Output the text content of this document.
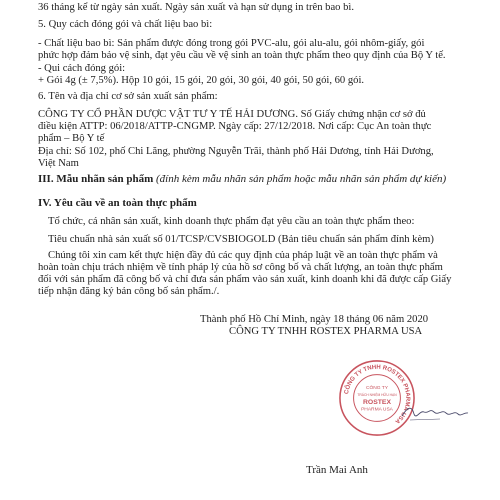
36 tháng kể từ ngày sản xuất. Ngày sản xuất và hạn sử dụng in trên bao bì.
5. Quy cách đóng gói và chất liệu bao bì:
- Chất liệu bao bì: Sản phẩm được đóng trong gói PVC-alu, gói alu-alu, gói nhôm-giấy, gói
phức hợp đảm bảo vệ sinh, đạt yêu cầu về vệ sinh an toàn thực phẩm theo quy định của Bộ Y tế.
- Qui cách đóng gói:
+ Gói 4g (± 7,5%). Hộp 10 gói, 15 gói, 20 gói, 30 gói, 40 gói, 50 gói, 60 gói.
6. Tên và địa chỉ cơ sở sản xuất sản phẩm:
CÔNG TY CỔ PHẦN DƯỢC VẬT TƯ Y TẾ HẢI DƯƠNG. Số Giấy chứng nhận cơ sở đủ
điều kiện ATTP: 06/2018/ATTP-CNGMP. Ngày cấp: 27/12/2018. Nơi cấp: Cục An toàn thực
phẩm – Bộ Y tế
Địa chỉ: Số 102, phố Chi Lăng, phường Nguyễn Trãi, thành phố Hải Dương, tỉnh Hải Dương,
Việt Nam
III. Mẫu nhãn sản phẩm (đính kèm mẫu nhãn sản phẩm hoặc mẫu nhãn sản phẩm dự kiến)
IV. Yêu cầu về an toàn thực phẩm
Tổ chức, cá nhân sản xuất, kinh doanh thực phẩm đạt yêu cầu an toàn thực phẩm theo:
Tiêu chuẩn nhà sản xuất số 01/TCSP/CVSBIOGOLD (Bản tiêu chuẩn sản phẩm đính kèm)
Chúng tôi xin cam kết thực hiện đầy đủ các quy định của pháp luật về an toàn thực phẩm và
hoàn toàn chịu trách nhiệm về tính pháp lý của hồ sơ công bố và chất lượng, an toàn thực phẩm
đối với sản phẩm đã công bố và chỉ đưa sản phẩm vào sản xuất, kinh doanh khi đã được cấp Giấy
tiếp nhận đăng ký bản công bố sản phẩm./.
Thành phố Hồ Chí Minh, ngày 18 tháng 06 năm 2020
CÔNG TY TNHH ROSTEX PHARMA USA
CÔNG TY TNHH ROSTEX PHARMA USA
CÔNG TY
TRÁCH NHIỆM HỮU HẠN
ROSTEX
PHARMA USA
Trần Mai Anh
